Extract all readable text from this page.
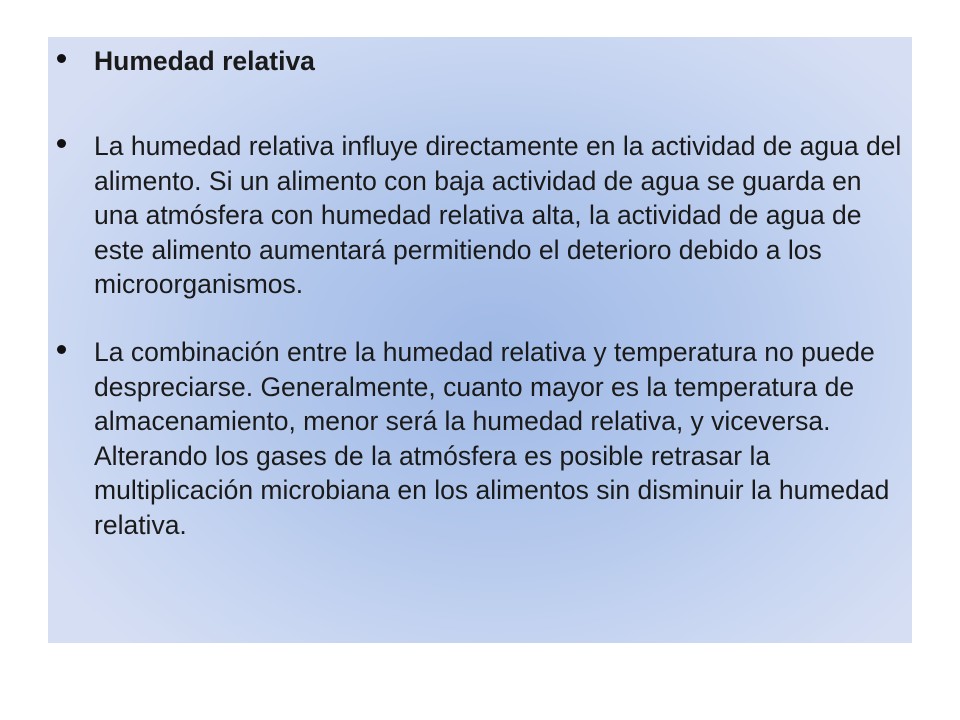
Humedad relativa
La humedad relativa influye directamente en la actividad de agua del alimento. Si un alimento con baja actividad de agua se guarda en una atmósfera con humedad relativa alta, la actividad de agua de este alimento aumentará permitiendo el deterioro debido a los microorganismos.
La combinación entre la humedad relativa y temperatura no puede despreciarse. Generalmente, cuanto mayor es la temperatura de almacenamiento, menor será la humedad relativa, y viceversa. Alterando los gases de la atmósfera es posible retrasar la multiplicación microbiana en los alimentos sin disminuir la humedad relativa.
